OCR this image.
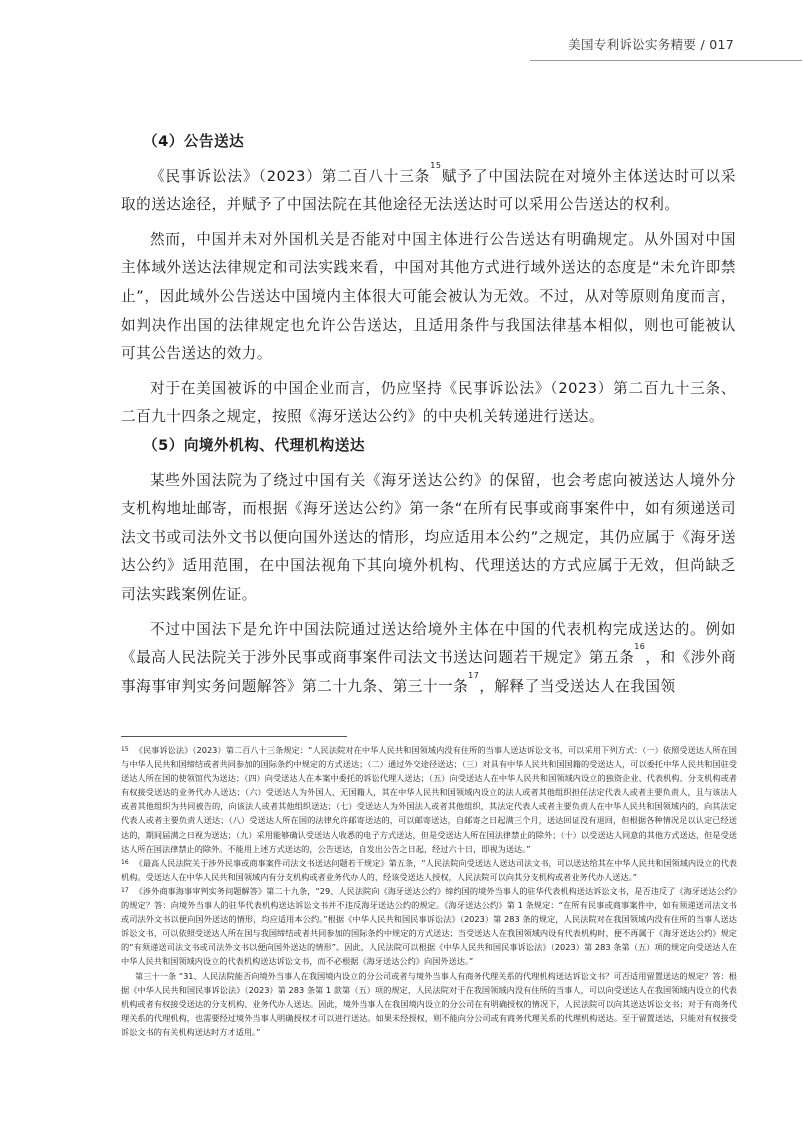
美国专利诉讼实务精要 / 017
（4）公告送达

《民事诉讼法》（2023）第二百八十三条$^{15}$赋予了中国法院在对境外主体送达时可以采取的送达途径，并赋予了中国法院在其他途径无法送达时可以采用公告送达的权利。

然而，中国并未对外国机关是否能对中国主体进行公告送达有明确规定。从外国对中国主体域外送达法律规定和司法实践来看，中国对其他方式进行域外送达的态度是“未允许即禁止”，因此域外公告送达中国境内主体很大可能会被认为无效。不过，从对等原则角度而言，如判决作出国的法律规定也允许公告送达，且适用条件与我国法律基本相似，则也可能被认可其公告送达的效力。

对于在美国被诉的中国企业而言，仍应坚持《民事诉讼法》（2023）第二百九十三条、二百九十四条之规定，按照《海牙送达公约》的中央机关转递进行送达。

（5）向境外机构、代理机构送达

某些外国法院为了绕过中国有关《海牙送达公约》的保留，也会考虑向被送达人境外分支机构地址邮寄，而根据《海牙送达公约》第一条“在所有民事或商事案件中，如有须递送司法文书或司法外文书以便向国外送达的情形，均应适用本公约”之规定，其仍应属于《海牙送达公约》适用范围，在中国法视角下其向境外机构、代理送达的方式应属于无效，但尚缺乏司法实践案例佐证。

不过中国法下是允许中国法院通过送达给境外主体在中国的代表机构完成送达的。例如《最高人民法院关于涉外民事或商事案件司法文书送达问题若干规定》第五条$^{16}$，和《涉外商事海事审判实务问题解答》第二十九条、第三十一条$^{17}$，解释了当受送达人在我国领

$^{15}$ 《民事诉讼法》（2023）第二百八十三条规定：“人民法院对在中华人民共和国领域内没有住所的当事人送达诉讼文书，可以采用下列方式：（一）依照受送达人所在国与中华人民共和国缔结或者共同参加的国际条约中规定的方式送达；（二）通过外交途径送达；（三）对具有中华人民共和国国籍的受送达人，可以委托中华人民共和国驻受送达人所在国的使领馆代为送达；（四）向受送达人在本案中委托的诉讼代理人送达；（五）向受送达人在中华人民共和国领域内设立的独资企业、代表机构、分支机构或者有权接受送达的业务代办人送达；（六）受送达人为外国人、无国籍人，其在中华人民共和国领域内设立的法人或者其他组织担任法定代表人或者主要负责人，且与该法人或者其他组织为共同被告的，向该法人或者其他组织送达；（七）受送达人为外国法人或者其他组织，其法定代表人或者主要负责人在中华人民共和国领域内的，向其法定代表人或者主要负责人送达；（八）受送达人所在国的法律允许邮寄送达的，可以邮寄送达，自邮寄之日起满三个月，送达回证没有退回，但根据各种情况足以认定已经送达的，期间届满之日视为送达；（九）采用能够确认受送达人收悉的电子方式送达，但是受送达人所在国法律禁止的除外；（十）以受送达人同意的其他方式送达，但是受送达人所在国法律禁止的除外。不能用上述方式送达的，公告送达，自发出公告之日起，经过六十日，即视为送达。”

$^{16}$ 《最高人民法院关于涉外民事或商事案件司法文书送达问题若干规定》第五条，“人民法院向受送达人送达司法文书，可以送达给其在中华人民共和国领域内设立的代表机构。受送达人在中华人民共和国领域内有分支机构或者业务代办人的，经该受送达人授权，人民法院可以向其分支机构或者业务代办人送达。”

$^{17}$ 《涉外商事海事审判实务问题解答》第二十九条，“29、人民法院向《海牙送达公约》缔约国的境外当事人的驻华代表机构送达诉讼文书，是否违反了《海牙送达公约》的规定？答：向境外当事人的驻华代表机构送达诉讼文书并不违反海牙送达公约的规定。《海牙送达公约》第 1 条规定：“在所有民事或商事案件中，如有须递送司法文书或司法外文书以便向国外送达的情形，均应适用本公约。”根据《中华人民共和国民事诉讼法》（2023）第 283 条的规定，人民法院对在我国领域内没有住所的当事人送达诉讼文书，可以依照受送达人所在国与我国缔结或者共同参加的国际条约中规定的方式送达；当受送达人在我国领域内设有代表机构时，便不再属于《海牙送达公约》规定的“有须递送司法文书或司法外文书以便向国外送达的情形”。因此，人民法院可以根据《中华人民共和国民事诉讼法》（2023）第 283 条第（五）项的规定向受送达人在中华人民共和国领域内设立的代表机构送达诉讼文书，而不必根据《海牙送达公约》向国外送达。”
第三十一条 “31、人民法院能否向境外当事人在我国境内设立的分公司或者与境外当事人有商务代理关系的代理机构送达诉讼文书？可否适用留置送达的规定？答：根据《中华人民共和国民事诉讼法》（2023）第 283 条第 1 款第（五）项的规定，人民法院对于在我国领域内没有住所的当事人，可以向受送达人在我国领域内设立的代表机构或者有权接受送达的分支机构、业务代办人送达。因此，境外当事人在我国境内设立的分公司在有明确授权的情况下，人民法院可以向其送达诉讼文书；对于有商务代理关系的代理机构，也需要经过境外当事人明确授权才可以进行送达。如果未经授权，则不能向分公司或有商务代理关系的代理机构送达。至于留置送达，只能对有权接受诉讼文书的有关机构送达时方才适用。”
